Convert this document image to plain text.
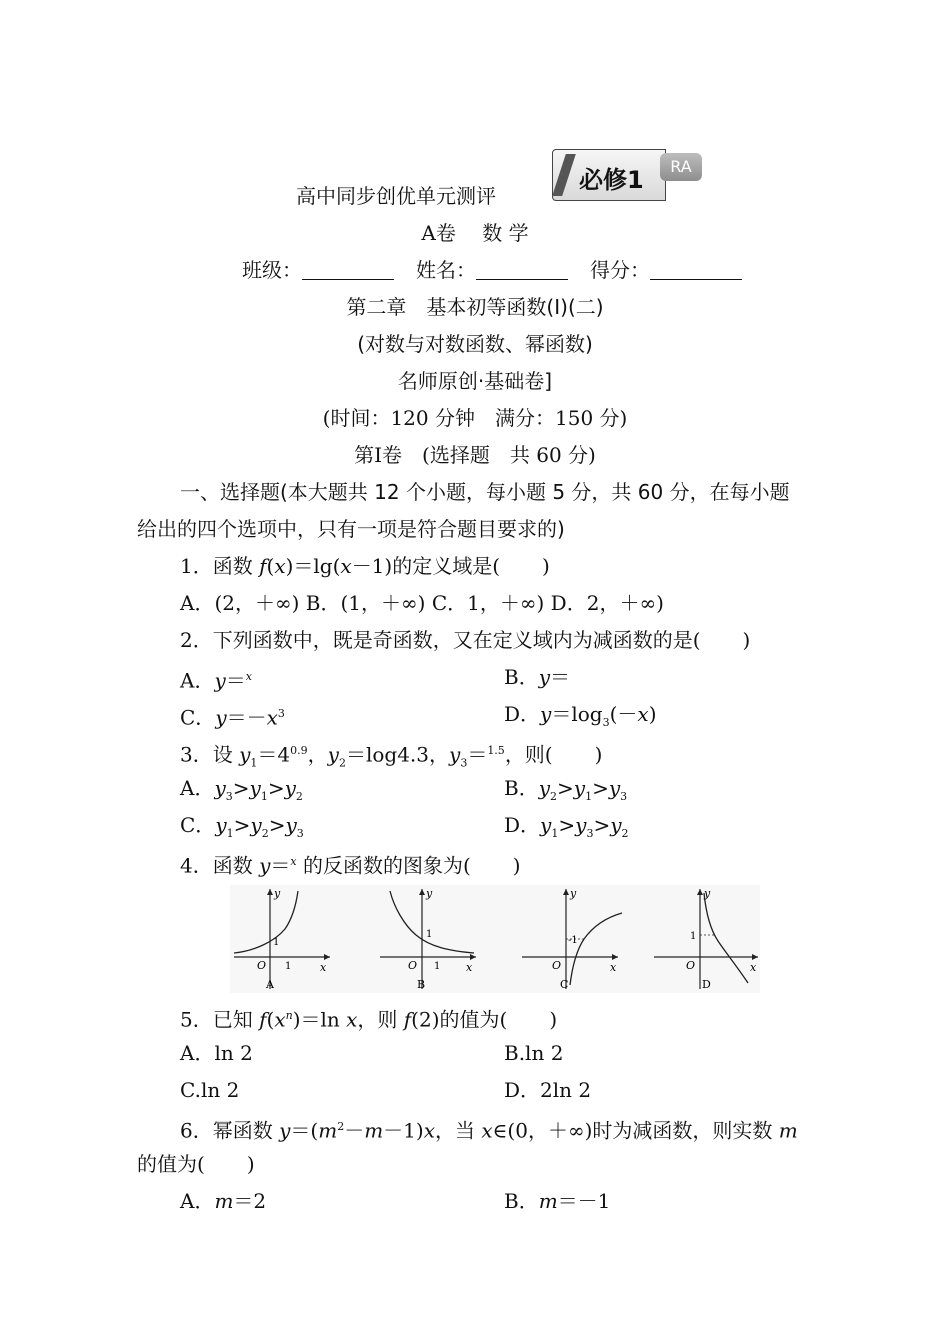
高中同步创优单元测评
必修1	RA
A卷　 数 学
班级：	姓名：	得分：
第二章　基本初等函数(Ⅰ)(二)
(对数与对数函数、幂函数)
名师原创·基础卷]
(时间：120 分钟　满分：150 分)
第Ⅰ卷　(选择题　共 60 分)
一、选择题(本大题共 12 个小题，每小题 5 分，共 60 分，在每小题
给出的四个选项中，只有一项是符合题目要求的)
1．函数 f(x)＝lg(x－1)的定义域是( )
A．(2，＋∞) B．(1，＋∞) C．1，＋∞) D．2，＋∞)
2．下列函数中，既是奇函数，又在定义域内为减函数的是( )
A．y＝$^x$	B．y＝
C．$y=-x^3$	D．$y=\log_3(-x)$
3．设 $y_1=4^{0.9}$，$y_2=\log 4.3$，$y_3=^{1.5}$，则( )
A．$y_3>y_1>y_2$	B．$y_2>y_1>y_3$
C．$y_1>y_2>y_3$	D．$y_1>y_3>y_2$
4．函数 y＝$^x$ 的反函数的图象为( )
y
x
O 1
1
A
y
x
O 1
1
B
y
x
O
-1
C
y
x
O
1
D
5．已知 $f(x^n)=\ln$ x，则 f(2)的值为( )
A．ln 2	B.ln 2
C.ln 2	D．2ln 2
6．幂函数 $y=(m^2-m-1)x$，当 x∈(0，＋∞)时为减函数，则实数 m
的值为( )
A．m＝2	B．m＝－1
